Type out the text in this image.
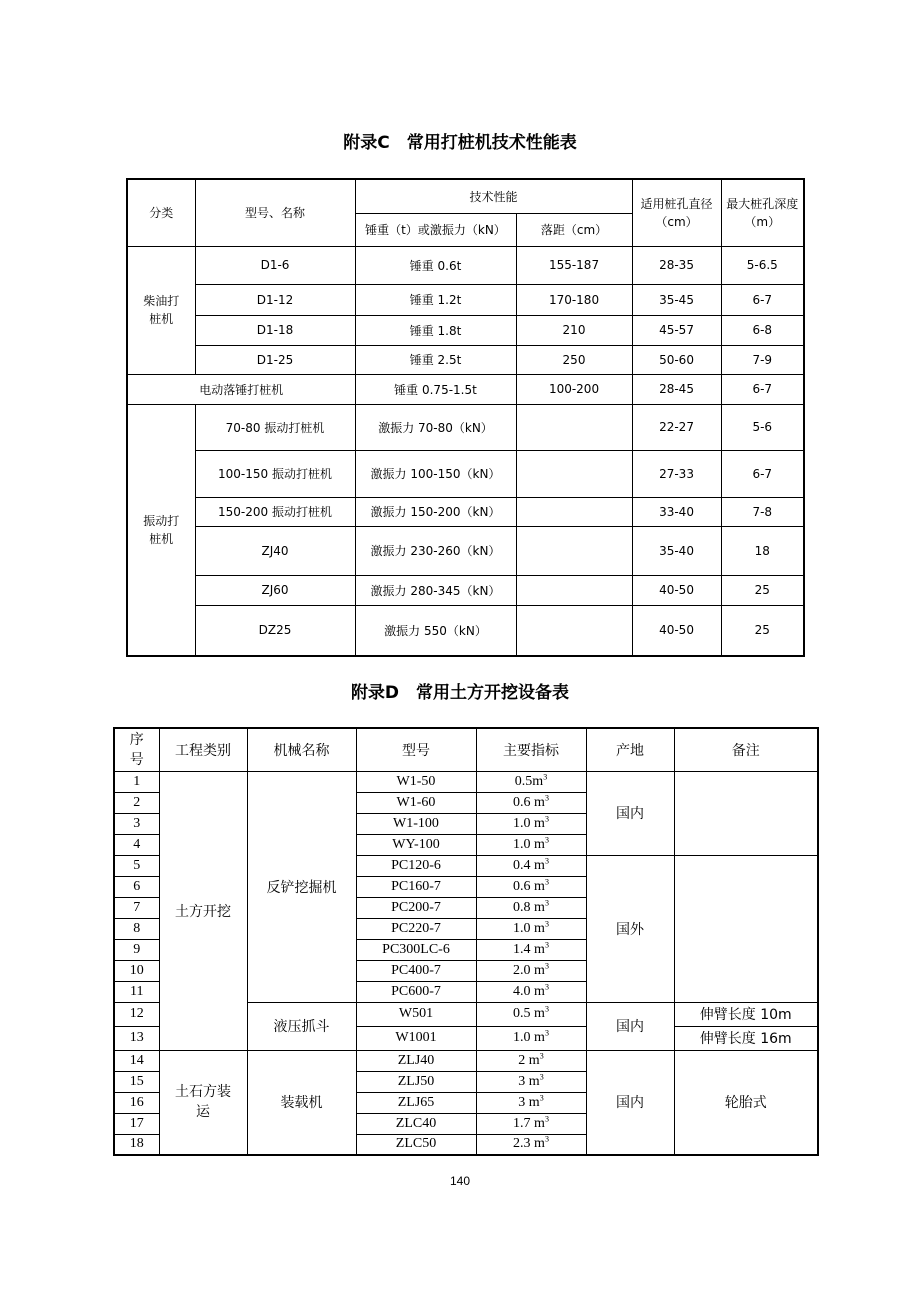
附录C　常用打桩机技术性能表
分类	型号、名称	技术性能		适用桩孔直径（cm）	最大桩孔深度（m）
		锤重（t）或激振力（kN）	落距（cm）		
柴油打桩机	D1-6	锤重 0.6t	155-187	28-35	5-6.5
	D1-12	锤重 1.2t	170-180	35-45	6-7
	D1-18	锤重 1.8t	210	45-57	6-8
	D1-25	锤重 2.5t	250	50-60	7-9
电动落锤打桩机		锤重 0.75-1.5t	100-200	28-45	6-7
振动打桩机	70-80 振动打桩机	激振力 70-80（kN）		22-27	5-6
	100-150 振动打桩机	激振力 100-150（kN）		27-33	6-7
	150-200 振动打桩机	激振力 150-200（kN）		33-40	7-8
	ZJ40	激振力 230-260（kN）		35-40	18
	ZJ60	激振力 280-345（kN）		40-50	25
	DZ25	激振力 550（kN）		40-50	25
附录D　常用土方开挖设备表
序号	工程类别	机械名称	型号	主要指标	产地	备注
1	土方开挖	反铲挖掘机	W1-50	$0.5m^3$	国内	
2			W1-60	0.6 $m^3$
3			W1-100	1.0 $m^3$
4			WY-100	1.0 $m^3$
5			PC120-6	0.4 $m^3$	国外	
6			PC160-7	0.6 $m^3$
7			PC200-7	0.8 $m^3$
8			PC220-7	1.0 $m^3$
9			PC300LC-6	1.4 $m^3$
10			PC400-7	2.0 $m^3$
11			PC600-7	4.0 $m^3$
12		液压抓斗	W501	0.5 $m^3$	国内	伸臂长度 10m
13			W1001	1.0 $m^3$		伸臂长度 16m
14	土石方装运	装载机	ZLJ40	2 $m^3$	国内	轮胎式
15			ZLJ50	3 $m^3$
16			ZLJ65	3 $m^3$
17			ZLC40	1.7 $m^3$
18			ZLC50	2.3 $m^3$
140
